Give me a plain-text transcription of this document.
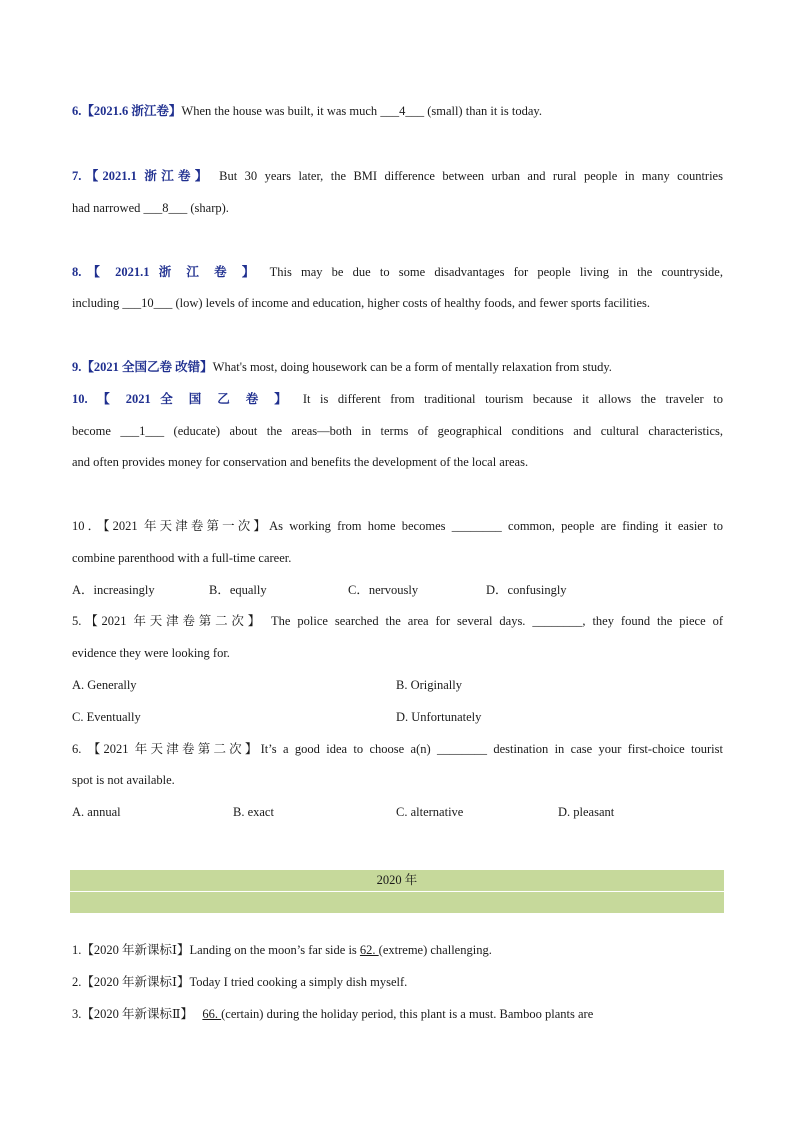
6.【2021.6 浙江卷】When the house was built, it was much ___4___ (small) than it is today.
7.【2021.1 浙江卷】 But 30 years later, the BMI difference between urban and rural people in many countries
had narrowed ___8___ (sharp).
8.【 2021.1 浙 江 卷 】 This may be due to some disadvantages for people living in the countryside,
including ___10___ (low) levels of income and education, higher costs of healthy foods, and fewer sports facilities.
9.【2021 全国乙卷 改错】What's most, doing housework can be a form of mentally relaxation from study.
10. 【 2021 全 国 乙 卷 】 It is different from traditional tourism because it allows the traveler to
become ___1___ (educate) about the areas—both in terms of geographical conditions and cultural characteristics,
and often provides money for conservation and benefits the development of the local areas.
10．【2021 年天津卷第一次】As working from home becomes ________ common, people are finding it easier to
combine parenthood with a full-time career.
A．increasingly	B．equally	C．nervously	D．confusingly
5.【2021 年天津卷第二次】 The police searched the area for several days. ________, they found the piece of
evidence they were looking for.
A. Generally	B. Originally
C. Eventually	D. Unfortunately
6. 【2021 年天津卷第二次】It’s a good idea to choose a(n) ________ destination in case your first-choice tourist
spot is not available.
A. annual	B. exact	C. alternative	D. pleasant
2020 年
1.【2020 年新课标Ⅰ】Landing on the moon’s far side is 62. (extreme) challenging.
2.【2020 年新课标Ⅰ】Today I tried cooking a simply dish myself.
3.【2020 年新课标Ⅱ】 66. (certain) during the holiday period, this plant is a must. Bamboo plants are
